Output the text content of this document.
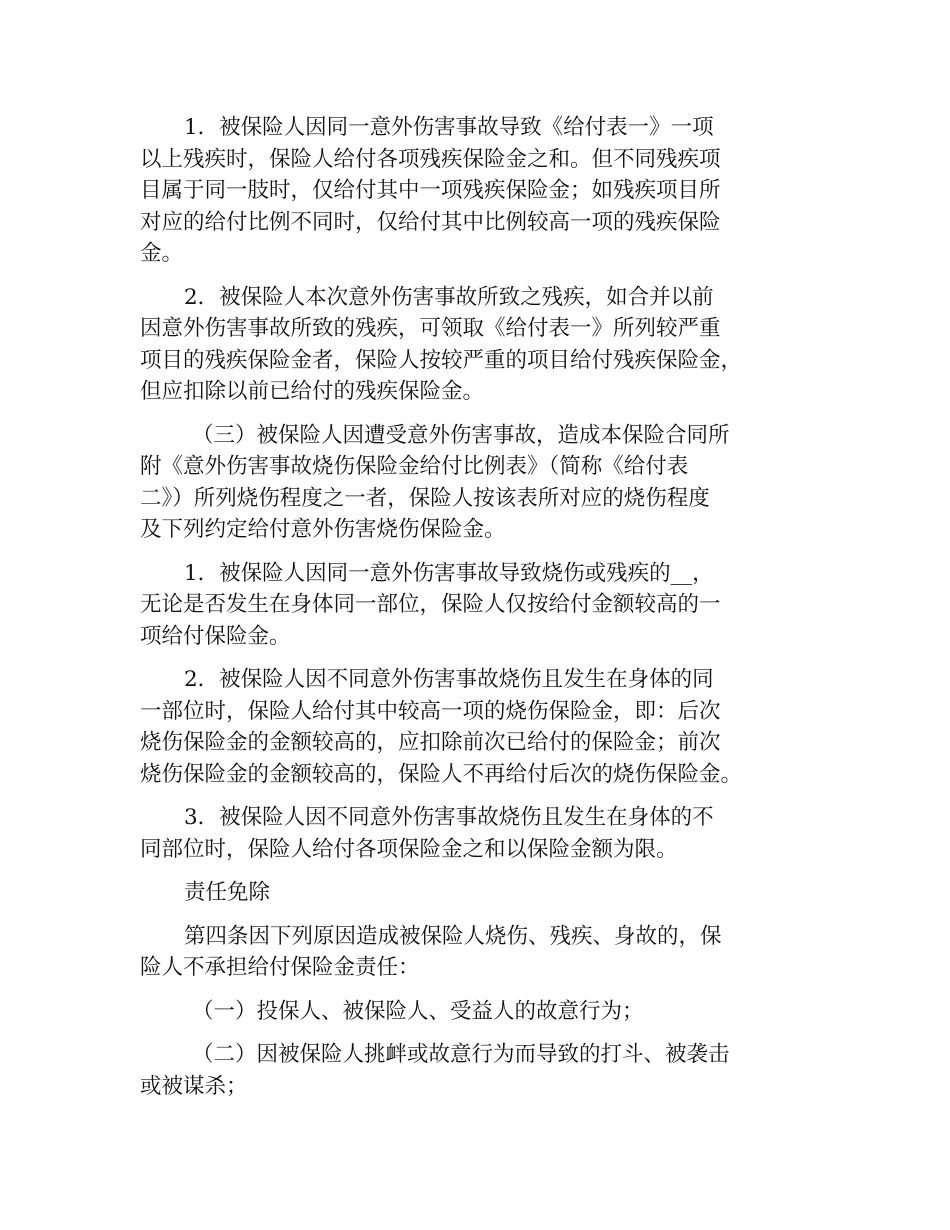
1．被保险人因同一意外伤害事故导致《给付表一》一项
以上残疾时，保险人给付各项残疾保险金之和。但不同残疾项
目属于同一肢时，仅给付其中一项残疾保险金；如残疾项目所
对应的给付比例不同时，仅给付其中比例较高一项的残疾保险
金。
2．被保险人本次意外伤害事故所致之残疾，如合并以前
因意外伤害事故所致的残疾，可领取《给付表一》所列较严重
项目的残疾保险金者，保险人按较严重的项目给付残疾保险金，
但应扣除以前已给付的残疾保险金。
（三）被保险人因遭受意外伤害事故，造成本保险合同所
附《意外伤害事故烧伤保险金给付比例表》（简称《给付表
二》）所列烧伤程度之一者，保险人按该表所对应的烧伤程度
及下列约定给付意外伤害烧伤保险金。
1．被保险人因同一意外伤害事故导致烧伤或残疾的__，
无论是否发生在身体同一部位，保险人仅按给付金额较高的一
项给付保险金。
2．被保险人因不同意外伤害事故烧伤且发生在身体的同
一部位时，保险人给付其中较高一项的烧伤保险金，即：后次
烧伤保险金的金额较高的，应扣除前次已给付的保险金；前次
烧伤保险金的金额较高的，保险人不再给付后次的烧伤保险金。
3．被保险人因不同意外伤害事故烧伤且发生在身体的不
同部位时，保险人给付各项保险金之和以保险金额为限。
责任免除
第四条因下列原因造成被保险人烧伤、残疾、身故的，保
险人不承担给付保险金责任：
（一）投保人、被保险人、受益人的故意行为；
（二）因被保险人挑衅或故意行为而导致的打斗、被袭击
或被谋杀；
